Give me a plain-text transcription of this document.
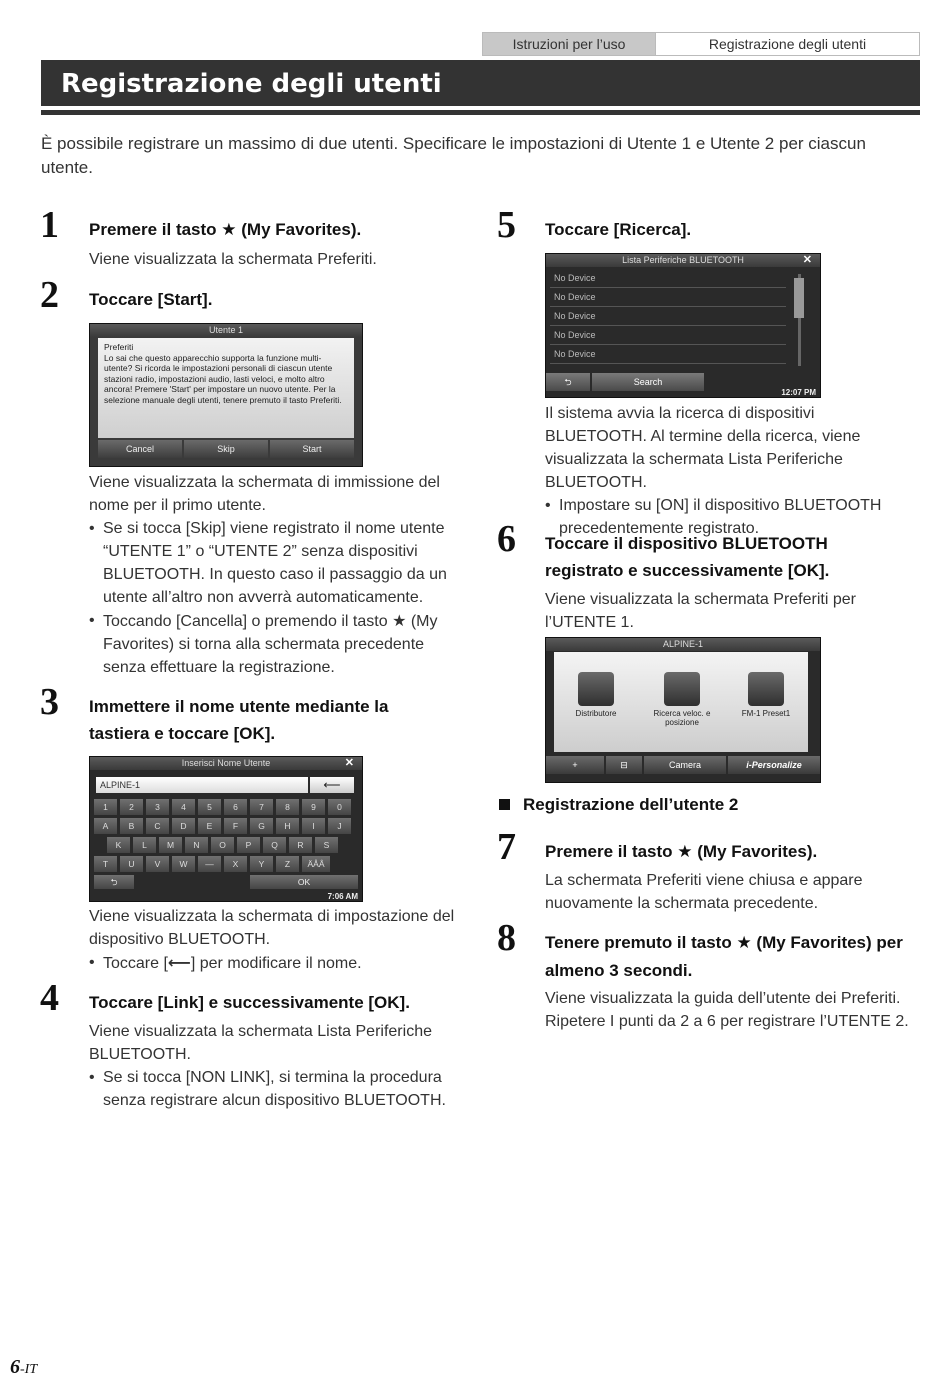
Istruzioni per l’uso	Registrazione degli utenti
Registrazione degli utenti
È possibile registrare un massimo di due utenti. Specificare le impostazioni di Utente 1 e Utente 2 per ciascun utente.
1 Premere il tasto ★ (My Favorites).
Viene visualizzata la schermata Preferiti.
2 Toccare [Start].
Utente 1
Preferiti
Lo sai che questo apparecchio supporta la funzione multi-utente? Si ricorda le impostazioni personali di ciascun utente stazioni radio, impostazioni audio, lasti veloci, e molto altro ancora! Premere 'Start' per impostare un nuovo utente. Per la selezione manuale degli utenti, tenere premuto il tasto Preferiti.
Cancel	Skip	Start
Viene visualizzata la schermata di immissione del nome per il primo utente.
• Se si tocca [Skip] viene registrato il nome utente “UTENTE 1” o “UTENTE 2” senza dispositivi BLUETOOTH. In questo caso il passaggio da un utente all’altro non avverrà automaticamente.
• Toccando [Cancella] o premendo il tasto ★ (My Favorites) si torna alla schermata precedente senza effettuare la registrazione.
3 Immettere il nome utente mediante la tastiera e toccare [OK].
Inserisci Nome Utente	✕
ALPINE-1	⟵
1	2	3	4	5	6	7	8	9	0
A	B	C	D	E	F	G	H	I	J
K	L	M	N	O	P	Q	R	S
T	U	V	W	—	X	Y	Z	ÄÅÂ
⮌	OK
7:06 AM
Viene visualizzata la schermata di impostazione del dispositivo BLUETOOTH.
• Toccare [⟵] per modificare il nome.
4 Toccare [Link] e successivamente [OK].
Viene visualizzata la schermata Lista Periferiche BLUETOOTH.
• Se si tocca [NON LINK], si termina la procedura senza registrare alcun dispositivo BLUETOOTH.
5 Toccare [Ricerca].
Lista Periferiche BLUETOOTH	✕
No Device
No Device
No Device
No Device
No Device
⮌	Search
12:07 PM
Il sistema avvia la ricerca di dispositivi BLUETOOTH. Al termine della ricerca, viene visualizzata la schermata Lista Periferiche BLUETOOTH.
• Impostare su [ON] il dispositivo BLUETOOTH precedentemente registrato.
6 Toccare il dispositivo BLUETOOTH registrato e successivamente [OK].
Viene visualizzata la schermata Preferiti per l’UTENTE 1.
ALPINE-1
Distributore	Ricerca veloc. e posizione
FM-1 Preset1
+	⊟	Camera	i-Personalize
Registrazione dell’utente 2
7 Premere il tasto ★ (My Favorites).
La schermata Preferiti viene chiusa e appare nuovamente la schermata precedente.
8 Tenere premuto il tasto ★ (My Favorites) per almeno 3 secondi.
Viene visualizzata la guida dell’utente dei Preferiti. Ripetere I punti da 2 a 6 per registrare l’UTENTE 2.
6-IT
